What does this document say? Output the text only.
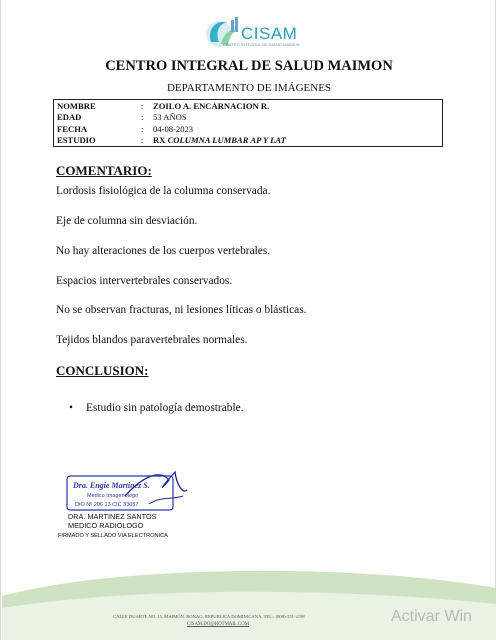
CISAM
CENTRO INTEGRAL DE SALUD MAIMON
CENTRO INTEGRAL DE SALUD MAIMON
DEPARTAMENTO DE IMÁGENES
NOMBRE	:	ZOILO A. ENCARNACION R.
EDAD	:	53 AÑOS
FECHA	:	04-08-2023
ESTUDIO	:	RX COLUMNA LUMBAR AP Y LAT
COMENTARIO:
Lordosis fisiológica de la columna conservada.
Eje de columna sin desviación.
No hay alteraciones de los cuerpos vertebrales.
Espacios intervertebrales conservados.
No se observan fracturas, ni lesiones líticas o blásticas.
Tejidos blandos paravertebrales normales.
CONCLUSION:
• Estudio sin patología demostrable.
Dra. Engie Martinez S.
Medico Imagenologo
DIO Nº 206 13 CIC 33057
DRA. MARTINEZ SANTOS
MEDICO RADIOLOGO
FIRMADO Y SELLADO VIA ELECTRONICA
CALLE DUARTE NO. 15, MAIMÓN, BONAO, REPUBLICA DOMINICANA, TEL.: (809)-551-2198
CISAM.DO@HOTMAIL.COM	Activar Win
